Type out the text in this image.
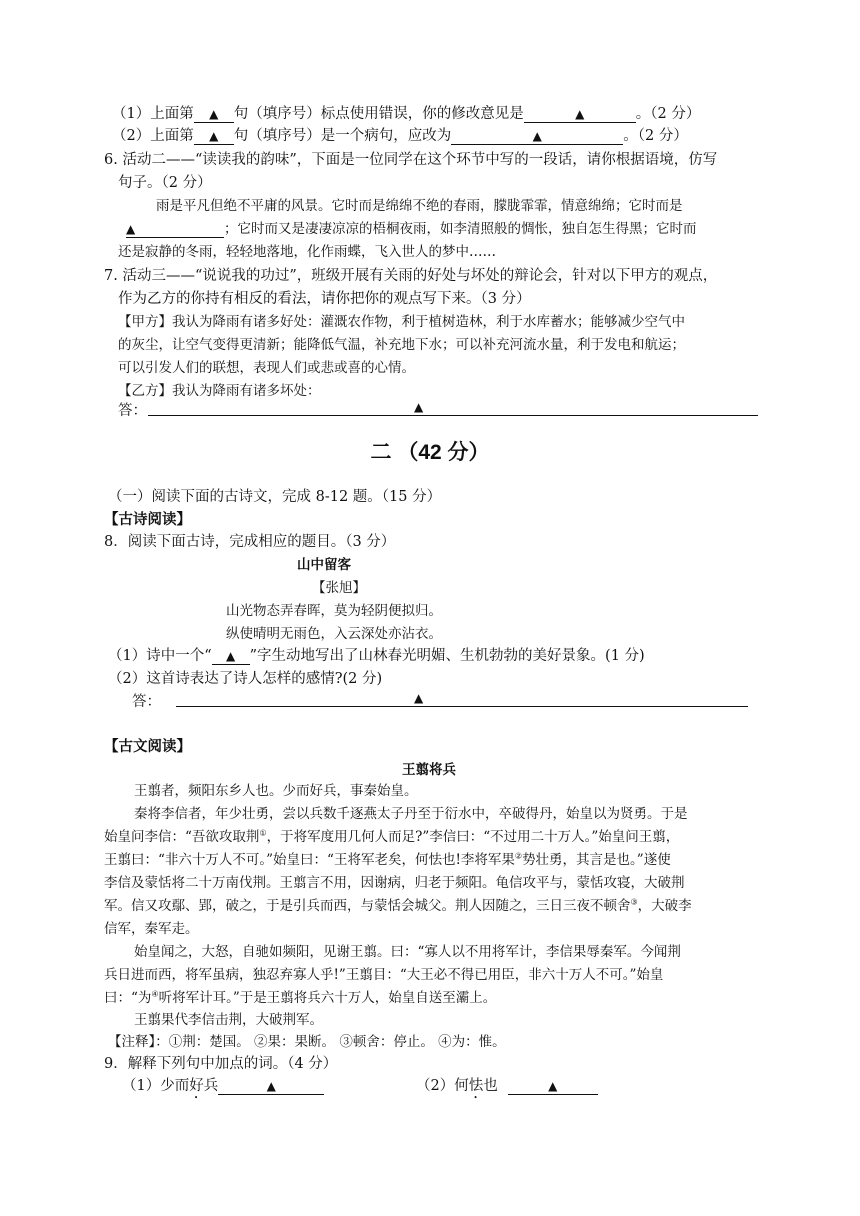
（1）上面第 ▲ 句（填序号）标点使用错误，你的修改意见是	▲	。（2 分）
（2）上面第 ▲ 句（填序号）是一个病句，应改为	▲	。（2 分）
6. 活动二——“读读我的韵味”，下面是一位同学在这个环节中写的一段话，请你根据语境，仿写
句子。（2 分）
雨是平凡但绝不平庸的风景。它时而是绵绵不绝的春雨，朦胧霏霏，情意绵绵；它时而是
▲	；它时而又是凄凄凉凉的梧桐夜雨，如李清照般的惆怅，独自怎生得黑；它时而
还是寂静的冬雨，轻轻地落地，化作雨蝶，飞入世人的梦中……
7. 活动三——“说说我的功过”，班级开展有关雨的好处与坏处的辩论会，针对以下甲方的观点，
作为乙方的你持有相反的看法，请你把你的观点写下来。（3 分）
【甲方】我认为降雨有诸多好处：灌溉农作物，利于植树造林，利于水库蓄水；能够减少空气中
的灰尘，让空气变得更清新；能降低气温，补充地下水；可以补充河流水量，利于发电和航运；
可以引发人们的联想，表现人们或悲或喜的心情。
【乙方】我认为降雨有诸多坏处：
答：	▲
二 （42 分）
（一）阅读下面的古诗文，完成 8-12 题。（15 分）
【古诗阅读】
8．阅读下面古诗，完成相应的题目。（3 分）
山中留客
【张旭】
山光物态弄春晖，莫为轻阴便拟归。
纵使晴明无雨色，入云深处亦沾衣。
（1）诗中一个“ ▲ ”字生动地写出了山林春光明媚、生机勃勃的美好景象。(1 分)
（2）这首诗表达了诗人怎样的感情?(2 分)
答：	▲
【古文阅读】
王翦将兵
王翦者，频阳东乡人也。少而好兵，事秦始皇。
秦将李信者，年少壮勇，尝以兵数千逐燕太子丹至于衍水中，卒破得丹，始皇以为贤勇。于是
始皇问李信：“吾欲攻取荆①，于将军度用几何人而足?”李信曰：“不过用二十万人。”始皇问王翦，
王翦曰：“非六十万人不可。”始皇曰：“王将军老矣，何怯也!李将军果②势壮勇，其言是也。”遂使
李信及蒙恬将二十万南伐荆。王翦言不用，因谢病，归老于频阳。龟信攻平与，蒙恬攻寝，大破荆
军。信又攻鄢、郢，破之，于是引兵而西，与蒙恬会城父。荆人因随之，三日三夜不顿舍③，大破李
信军，秦军走。
始皇闻之，大怒，自驰如频阳，见谢王翦。曰：“寡人以不用将军计，李信果辱秦军。今闻荆
兵日进而西，将军虽病，独忍弃寡人乎!”王翦目：“大王必不得已用臣，非六十万人不可。”始皇
曰：“为④听将军计耳。”于是王翦将兵六十万人，始皇自送至灞上。
王翦果代李信击荆，大破荆军。
【注释】：①荆：楚国。 ②果：果断。 ③顿舍：停止。 ④为：惟。
9．解释下列句中加点的词。（4 分）
（1）少而好兵	▲	（2）何怯也	▲
